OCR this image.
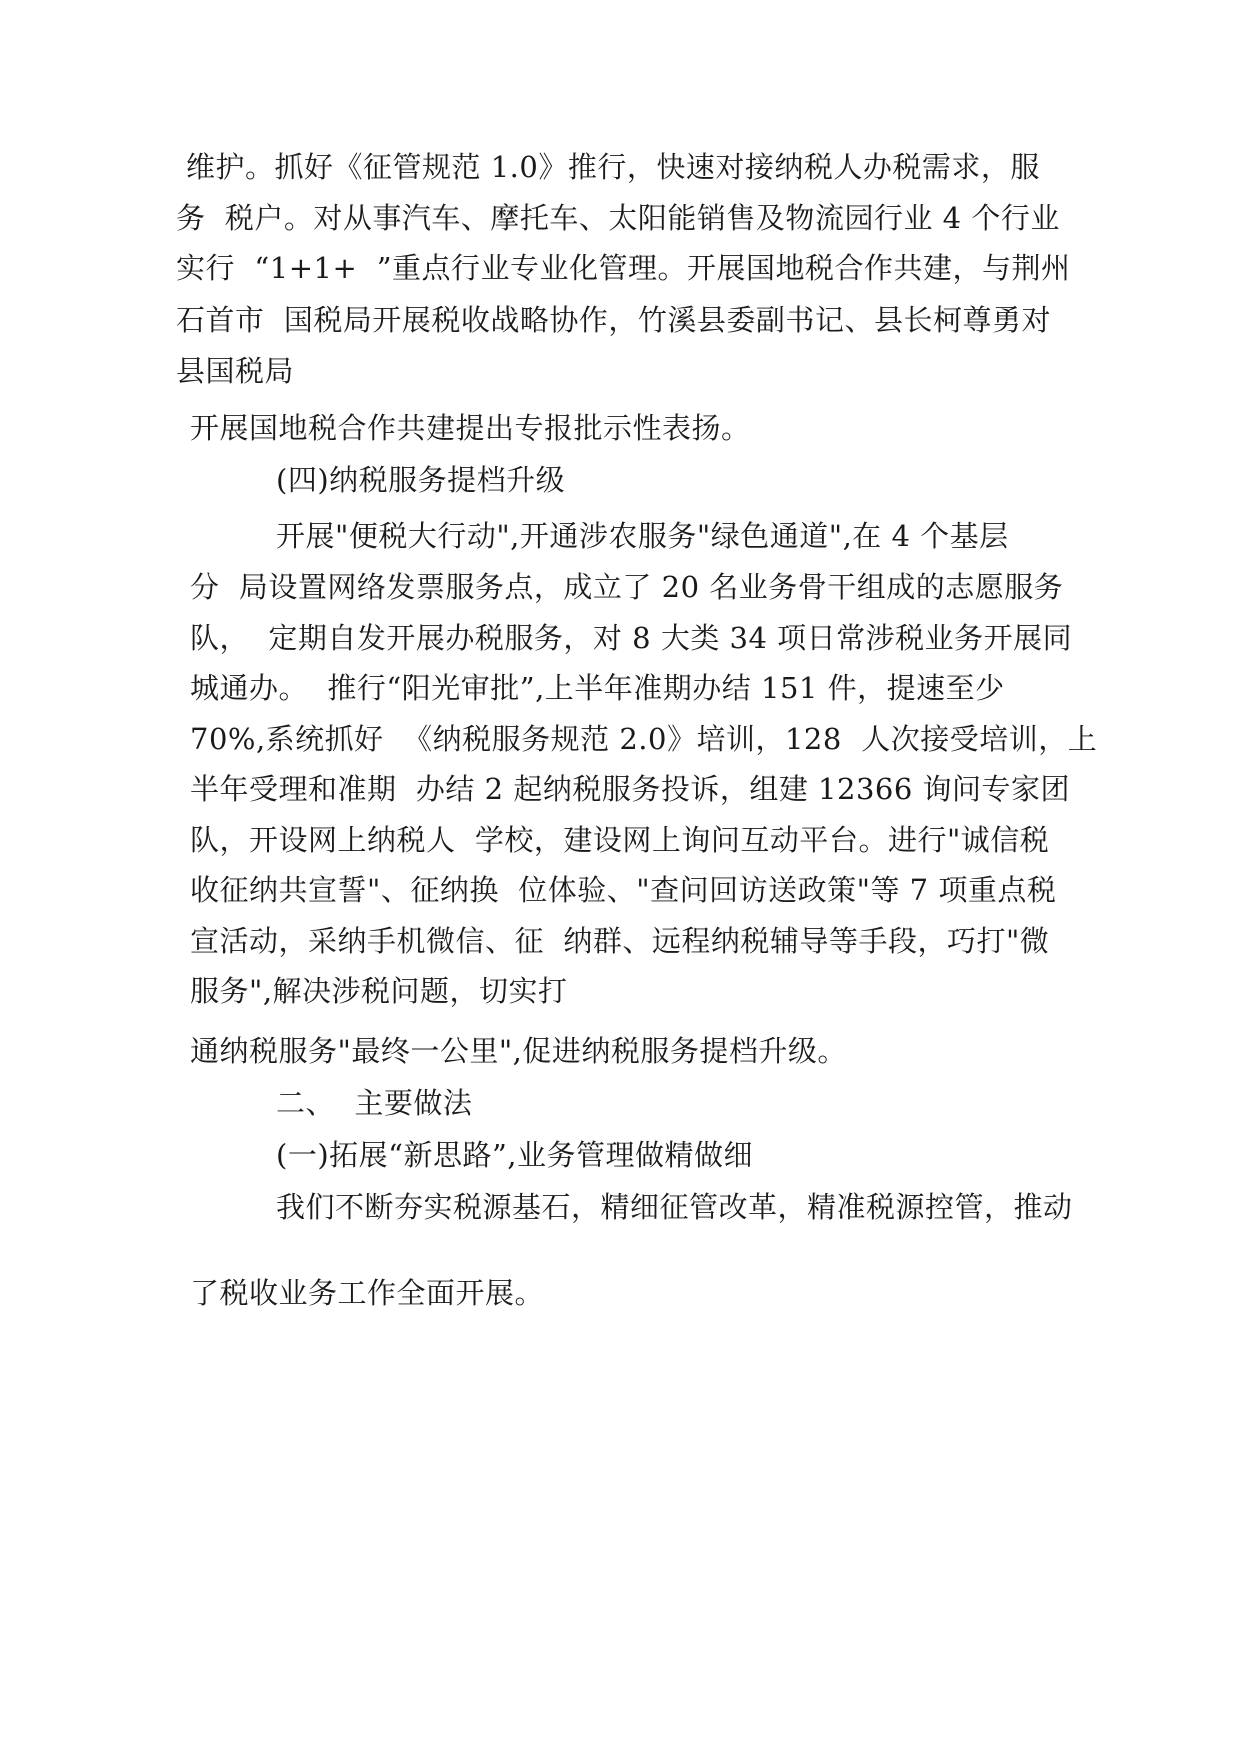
维护。抓好《征管规范 1.0》推行，快速对接纳税人办税需求，服
务  税户。对从事汽车、摩托车、太阳能销售及物流园行业 4 个行业
实行  “1+1+  ”重点行业专业化管理。开展国地税合作共建，与荆州
石首市  国税局开展税收战略协作，竹溪县委副书记、县长柯尊勇对
县国税局
开展国地税合作共建提出专报批示性表扬。
(四)纳税服务提档升级
开展"便税大行动",开通涉农服务"绿色通道",在 4 个基层
分  局设置网络发票服务点，成立了 20 名业务骨干组成的志愿服务
队，  定期自发开展办税服务，对 8 大类 34 项日常涉税业务开展同
城通办。  推行“阳光审批”,上半年准期办结 151 件，提速至少
70%,系统抓好  《纳税服务规范 2.0》培训，128  人次接受培训，上
半年受理和准期  办结 2 起纳税服务投诉，组建 12366 询问专家团
队，开设网上纳税人  学校，建设网上询问互动平台。进行"诚信税
收征纳共宣誓"、征纳换  位体验、"查问回访送政策"等 7 项重点税
宣活动，采纳手机微信、征  纳群、远程纳税辅导等手段，巧打"微
服务",解决涉税问题，切实打
通纳税服务"最终一公里",促进纳税服务提档升级。
二、  主要做法
(一)拓展“新思路”,业务管理做精做细
我们不断夯实税源基石，精细征管改革，精准税源控管，推动
了税收业务工作全面开展。
